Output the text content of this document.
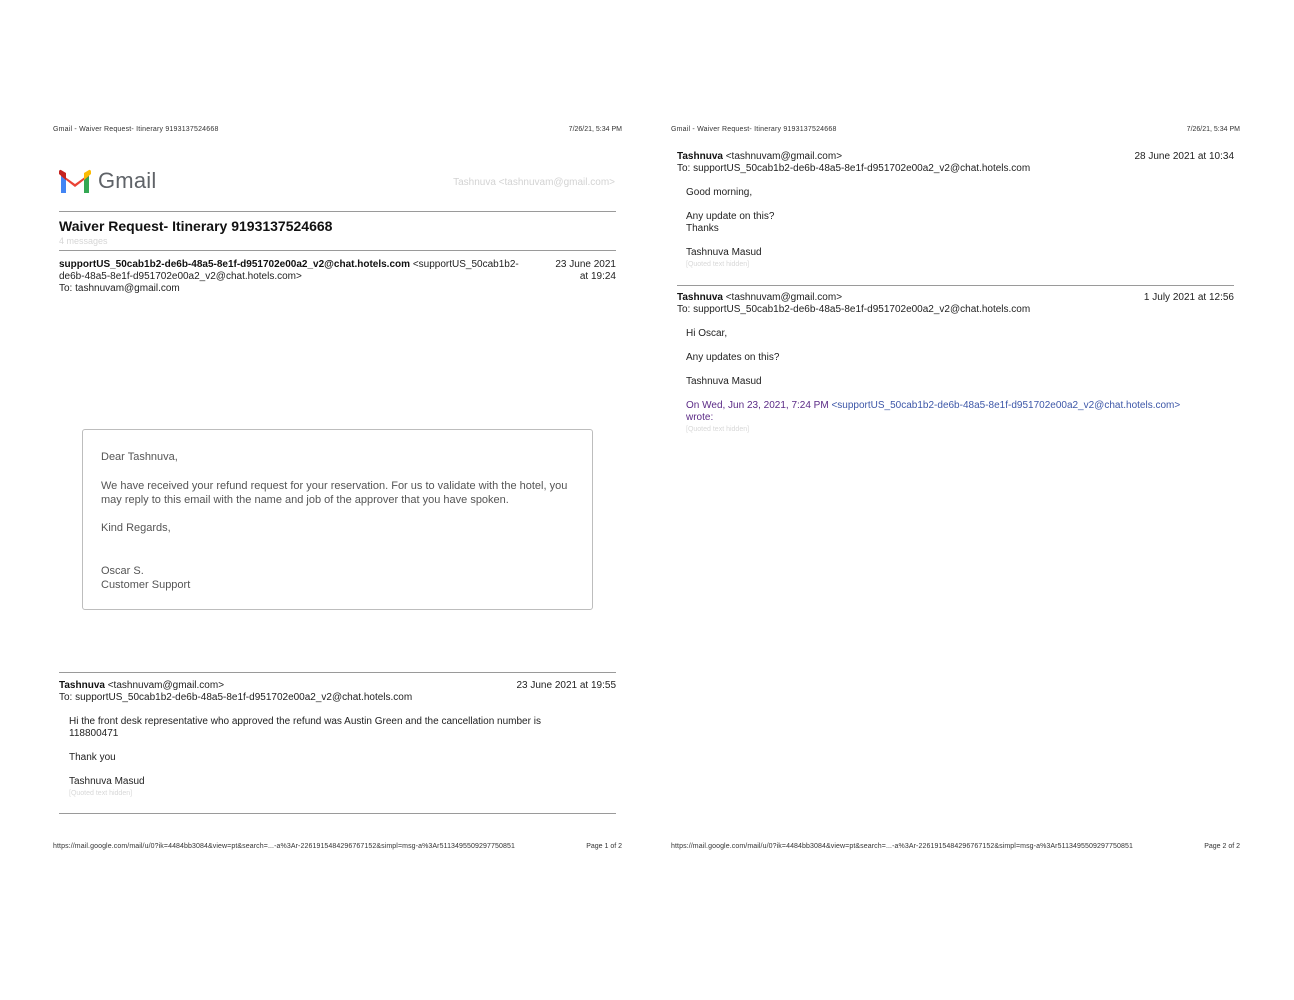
Gmail - Waiver Request- Itinerary 9193137524668	7/26/21, 5:34 PM
Gmail	Tashnuva <tashnuvam@gmail.com>
Waiver Request- Itinerary 9193137524668
4 messages
supportUS_50cab1b2-de6b-48a5-8e1f-d951702e00a2_v2@chat.hotels.com <supportUS_50cab1b2-
de6b-48a5-8e1f-d951702e00a2_v2@chat.hotels.com>
To: tashnuvam@gmail.com
23 June 2021
at 19:24

Dear Tashnuva,

We have received your refund request for your reservation. For us to validate with the hotel, you may reply to this email with the name and job of the approver that you have spoken.

Kind Regards,

Oscar S.

Customer Support

Tashnuva <tashnuvam@gmail.com>
To: supportUS_50cab1b2-de6b-48a5-8e1f-d951702e00a2_v2@chat.hotels.com
23 June 2021 at 19:55
Hi the front desk representative who approved the refund was Austin Green and the cancellation number is
118800471
Thank you
Tashnuva Masud
[Quoted text hidden]
https://mail.google.com/mail/u/0?ik=4484bb3084&view=pt&search=...-a%3Ar-2261915484296767152&simpl=msg-a%3Ar5113495509297750851	Page 1 of 2
Gmail - Waiver Request- Itinerary 9193137524668	7/26/21, 5:34 PM
Tashnuva <tashnuvam@gmail.com>
To: supportUS_50cab1b2-de6b-48a5-8e1f-d951702e00a2_v2@chat.hotels.com
28 June 2021 at 10:34
Good morning,
Any update on this?
Thanks
Tashnuva Masud
[Quoted text hidden]
Tashnuva <tashnuvam@gmail.com>
To: supportUS_50cab1b2-de6b-48a5-8e1f-d951702e00a2_v2@chat.hotels.com
1 July 2021 at 12:56
Hi Oscar,
Any updates on this?
Tashnuva Masud
On Wed, Jun 23, 2021, 7:24 PM <supportUS_50cab1b2-de6b-48a5-8e1f-d951702e00a2_v2@chat.hotels.com>
wrote:
[Quoted text hidden]
https://mail.google.com/mail/u/0?ik=4484bb3084&view=pt&search=...-a%3Ar-2261915484296767152&simpl=msg-a%3Ar5113495509297750851	Page 2 of 2
